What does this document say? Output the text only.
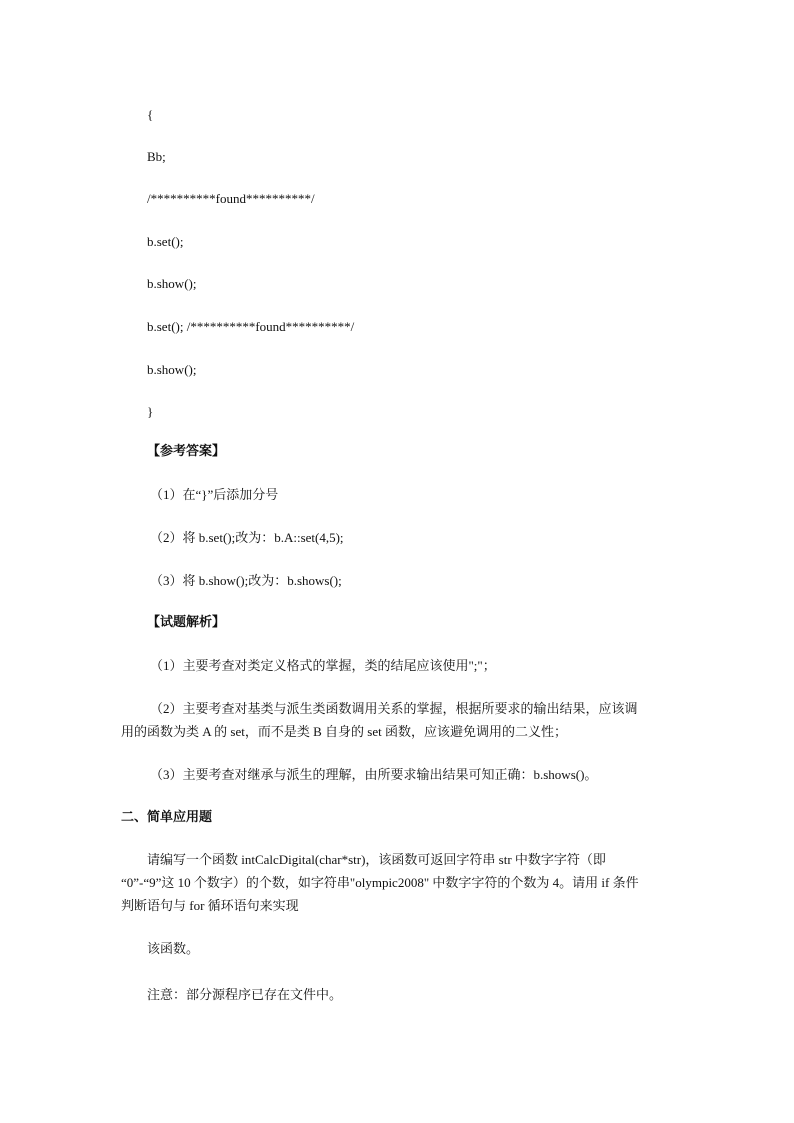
{
Bb;
/**********found**********/
b.set();
b.show();
b.set(); /**********found**********/
b.show();
}
【参考答案】
（1）在“}”后添加分号
（2）将 b.set();改为：b.A::set(4,5);
（3）将 b.show();改为：b.shows();
【试题解析】
（1）主要考查对类定义格式的掌握，类的结尾应该使用";"；
（2）主要考查对基类与派生类函数调用关系的掌握，根据所要求的输出结果，应该调
用的函数为类 A 的 set，而不是类 B 自身的 set 函数，应该避免调用的二义性；
（3）主要考查对继承与派生的理解，由所要求输出结果可知正确：b.shows()。
二、简单应用题
请编写一个函数 intCalcDigital(char*str)，该函数可返回字符串 str 中数字字符（即
“0”-“9”这 10 个数字）的个数，如字符串"olympic2008" 中数字字符的个数为 4。请用 if 条件
判断语句与 for 循环语句来实现
该函数。
注意：部分源程序已存在文件中。
